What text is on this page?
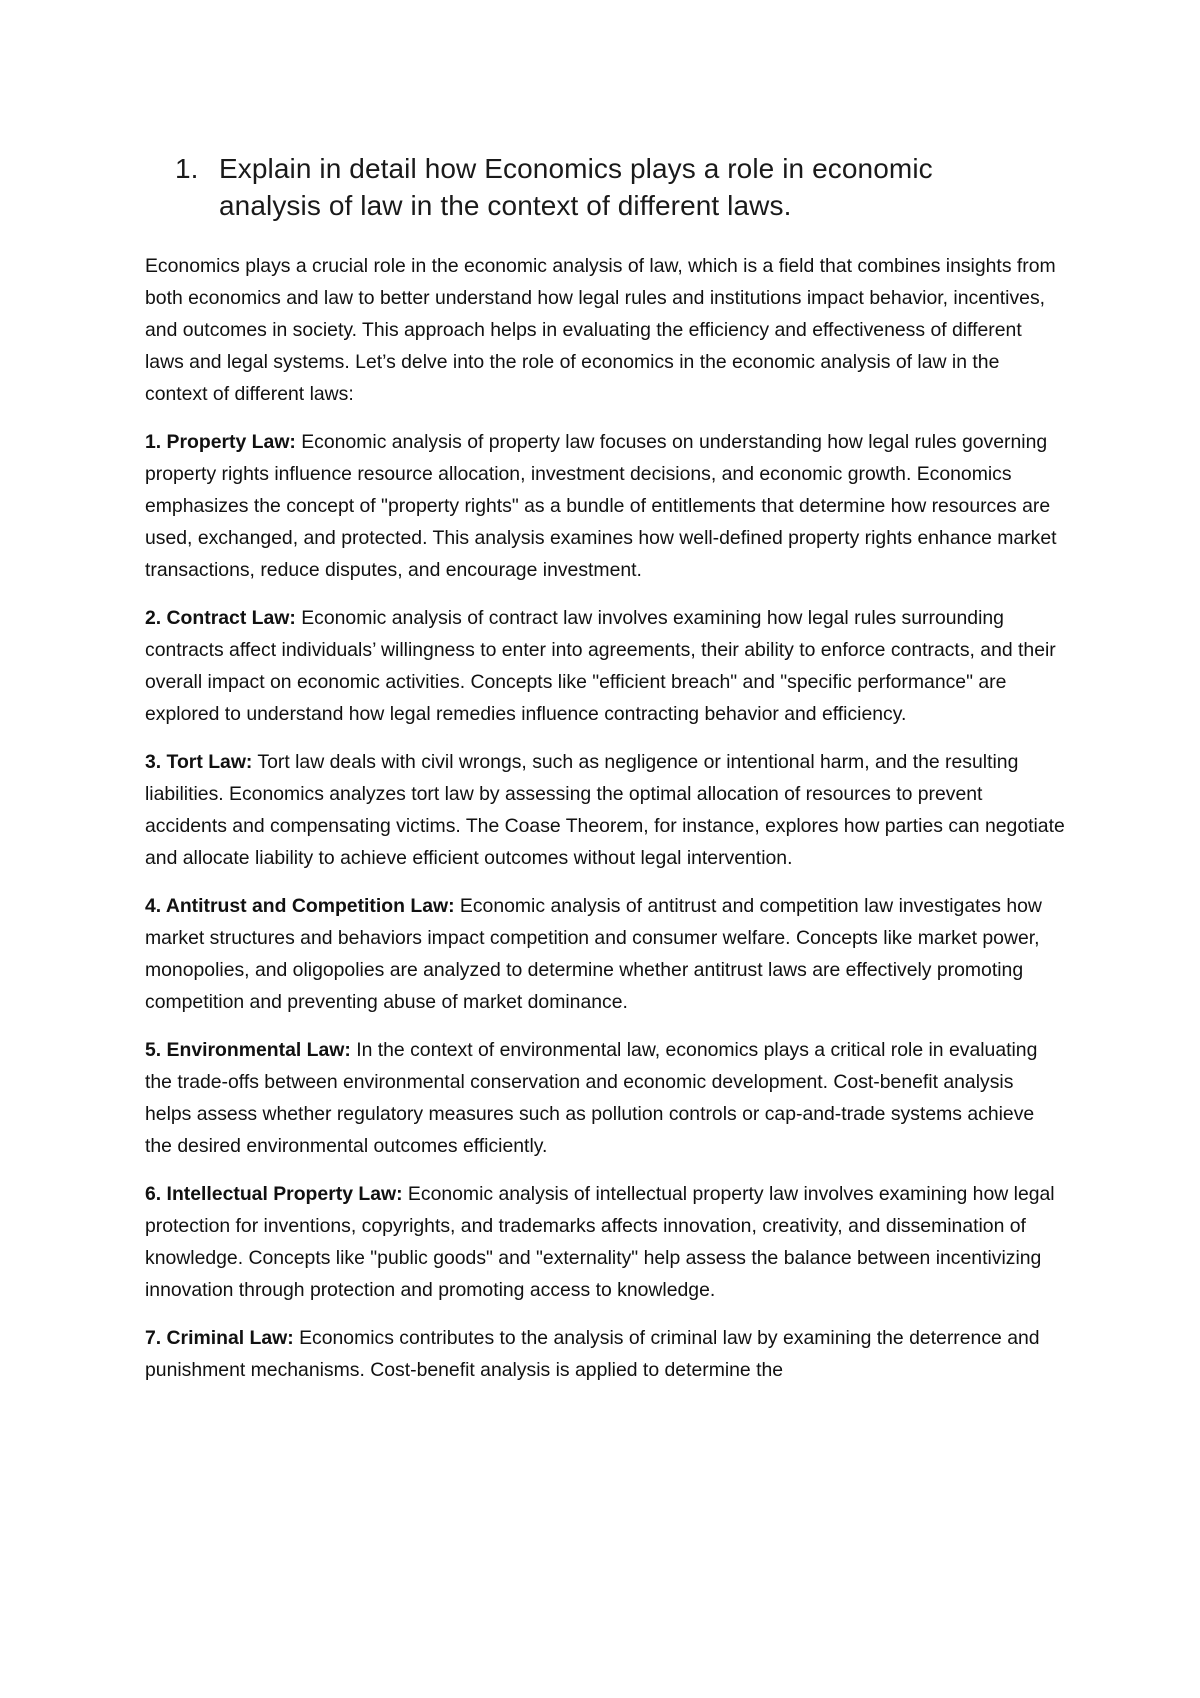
1. Explain in detail how Economics plays a role in economic analysis of law in the context of different laws.

Economics plays a crucial role in the economic analysis of law, which is a field that combines insights from both economics and law to better understand how legal rules and institutions impact behavior, incentives, and outcomes in society. This approach helps in evaluating the efficiency and effectiveness of different laws and legal systems. Let’s delve into the role of economics in the economic analysis of law in the context of different laws:

1. Property Law: Economic analysis of property law focuses on understanding how legal rules governing property rights influence resource allocation, investment decisions, and economic growth. Economics emphasizes the concept of "property rights" as a bundle of entitlements that determine how resources are used, exchanged, and protected. This analysis examines how well-defined property rights enhance market transactions, reduce disputes, and encourage investment.

2. Contract Law: Economic analysis of contract law involves examining how legal rules surrounding contracts affect individuals’ willingness to enter into agreements, their ability to enforce contracts, and their overall impact on economic activities. Concepts like "efficient breach" and "specific performance" are explored to understand how legal remedies influence contracting behavior and efficiency.

3. Tort Law: Tort law deals with civil wrongs, such as negligence or intentional harm, and the resulting liabilities. Economics analyzes tort law by assessing the optimal allocation of resources to prevent accidents and compensating victims. The Coase Theorem, for instance, explores how parties can negotiate and allocate liability to achieve efficient outcomes without legal intervention.

4. Antitrust and Competition Law: Economic analysis of antitrust and competition law investigates how market structures and behaviors impact competition and consumer welfare. Concepts like market power, monopolies, and oligopolies are analyzed to determine whether antitrust laws are effectively promoting competition and preventing abuse of market dominance.

5. Environmental Law: In the context of environmental law, economics plays a critical role in evaluating the trade-offs between environmental conservation and economic development. Cost-benefit analysis helps assess whether regulatory measures such as pollution controls or cap-and-trade systems achieve the desired environmental outcomes efficiently.

6. Intellectual Property Law: Economic analysis of intellectual property law involves examining how legal protection for inventions, copyrights, and trademarks affects innovation, creativity, and dissemination of knowledge. Concepts like "public goods" and "externality" help assess the balance between incentivizing innovation through protection and promoting access to knowledge.

7. Criminal Law: Economics contributes to the analysis of criminal law by examining the deterrence and punishment mechanisms. Cost-benefit analysis is applied to determine the
